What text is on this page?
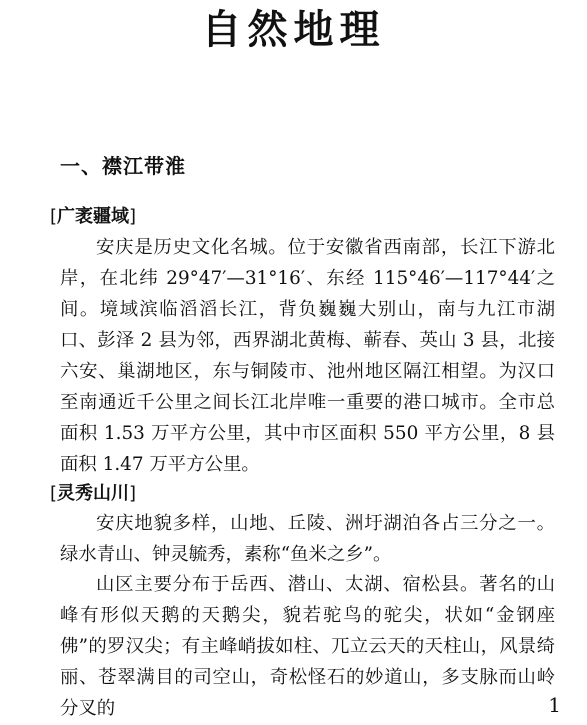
自然地理
一、襟江带淮
[广袤疆域]

安庆是历史文化名城。位于安徽省西南部，长江下游北岸，在北纬 29°47′—31°16′、东经 115°46′—117°44′之间。境域滨临滔滔长江，背负巍巍大别山，南与九江市湖口、彭泽 2 县为邻，西界湖北黄梅、蕲春、英山 3 县，北接六安、巢湖地区，东与铜陵市、池州地区隔江相望。为汉口至南通近千公里之间长江北岸唯一重要的港口城市。全市总面积 1.53 万平方公里，其中市区面积 550 平方公里，8 县面积 1.47 万平方公里。

[灵秀山川]

安庆地貌多样，山地、丘陵、洲圩湖泊各占三分之一。绿水青山、钟灵毓秀，素称“鱼米之乡”。

山区主要分布于岳西、潜山、太湖、宿松县。著名的山峰有形似天鹅的天鹅尖，貌若驼鸟的驼尖，状如“金钢座佛”的罗汉尖；有主峰峭拔如柱、兀立云天的天柱山，风景绮丽、苍翠满目的司空山，奇松怪石的妙道山，多支脉而山岭分叉的	1
